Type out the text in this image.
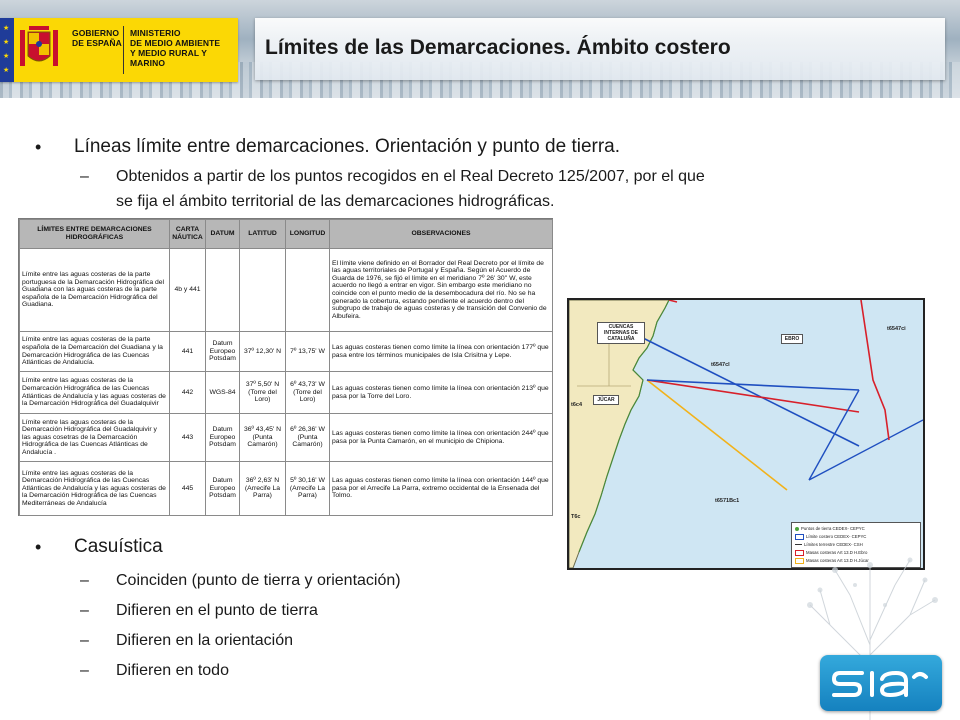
★
★
★
★
GOBIERNO
DE ESPAÑA
MINISTERIO
DE MEDIO AMBIENTE
Y MEDIO RURAL Y MARINO
Límites de las Demarcaciones. Ámbito costero
• Líneas límite entre demarcaciones. Orientación y punto de tierra.
– Obtenidos a partir de los puntos recogidos en el Real Decreto 125/2007, por el que
se fija el ámbito territorial de las demarcaciones hidrográficas.
LÍMITES ENTRE DEMARCACIONES HIDROGRÁFICAS	CARTA NÁUTICA	DATUM	LATITUD	LONGITUD	OBSERVACIONES
Límite entre las aguas costeras de la parte portuguesa de la Demarcación Hidrográfica del Guadiana con las aguas costeras de la parte española de la Demarcación Hidrográfica del Guadiana.	4b y 441				El límite viene definido en el Borrador del Real Decreto por el límite de las aguas territoriales de Portugal y España. Según el Acuerdo de Guarda de 1976, se fijó el límite en el meridiano 7º 26' 30'' W, este acuerdo no llegó a entrar en vigor. Sin embargo este meridiano no coincide con el punto medio de la desembocadura del río. No se ha generado la cobertura, estando pendiente el acuerdo dentro del subgrupo de trabajo de aguas costeras y de transición del Convenio de Albufeira.
Límite entre las aguas costeras de la parte española de la Demarcación del Guadiana y la Demarcación Hidrográfica de las Cuencas Atlánticas de Andalucía.	441	Datum Europeo Potsdam	37º 12,30' N	7º 13,75' W	Las aguas costeras tienen como límite la línea con orientación 177º que pasa entre los términos municipales de Isla Crisitna y Lepe.
Límite entre las aguas costeras de la Demarcación Hidrográfica de las Cuencas Atlánticas de Andalucía y las aguas costeras de la Demarcación Hidrográfica del Guadalquivir	442	WGS-84	37º 5,50' N (Torre del Loro)	6º 43,73' W (Torre del Loro)	Las aguas costeras tienen como límite la línea con orientación 213º que pasa por la Torre del Loro.
Límite entre las aguas costeras de la Demarcación Hidrográfica del Guadalquivir y las aguas cosetras de la Demarcación Hidrográfica de las Cuencas Atlánticas de Andalucía .	443	Datum Europeo Potsdam	36º 43,45' N (Punta Camarón)	6º 26,36' W (Punta Camarón)	Las aguas costeras tienen como límite la línea con orientación 244º que pasa por la Punta Camarón, en el municipio de Chipiona.
Límite entre las aguas costeras de la Demarcación Hidrográfica de las Cuencas Atlánticas de Andalucía y las aguas costeras de la Demarcación Hidrográfica de las Cuencas Mediterráneas de Andalucía	445	Datum Europeo Potsdam	36º 2,63' N (Arrecife La Parra)	5º 30,16' W (Arrecife La Parra)	Las aguas costeras tienen como límite la línea con orientación 144º que pasa por el Arrecife La Parra, extremo occidental de la Ensenada del Tolmo.
CUENCAS INTERNAS DE CATALUÑA	EBRO
JÚCAR
t6547ci
t6547cl
t6c4
t6571Bc1
T6c
Puntos de tierra CEDEX- CEPYC
Límite costero CEDEX- CEPYC
Límites terrestre CEDEX- CSH
Masas costeras Art 13.D H.Ebro
Masas costeras Art 13.D H.Júcar
• Casuística
– Coinciden (punto de tierra y orientación)
– Difieren en el punto de tierra
– Difieren en la orientación
– Difieren en todo
